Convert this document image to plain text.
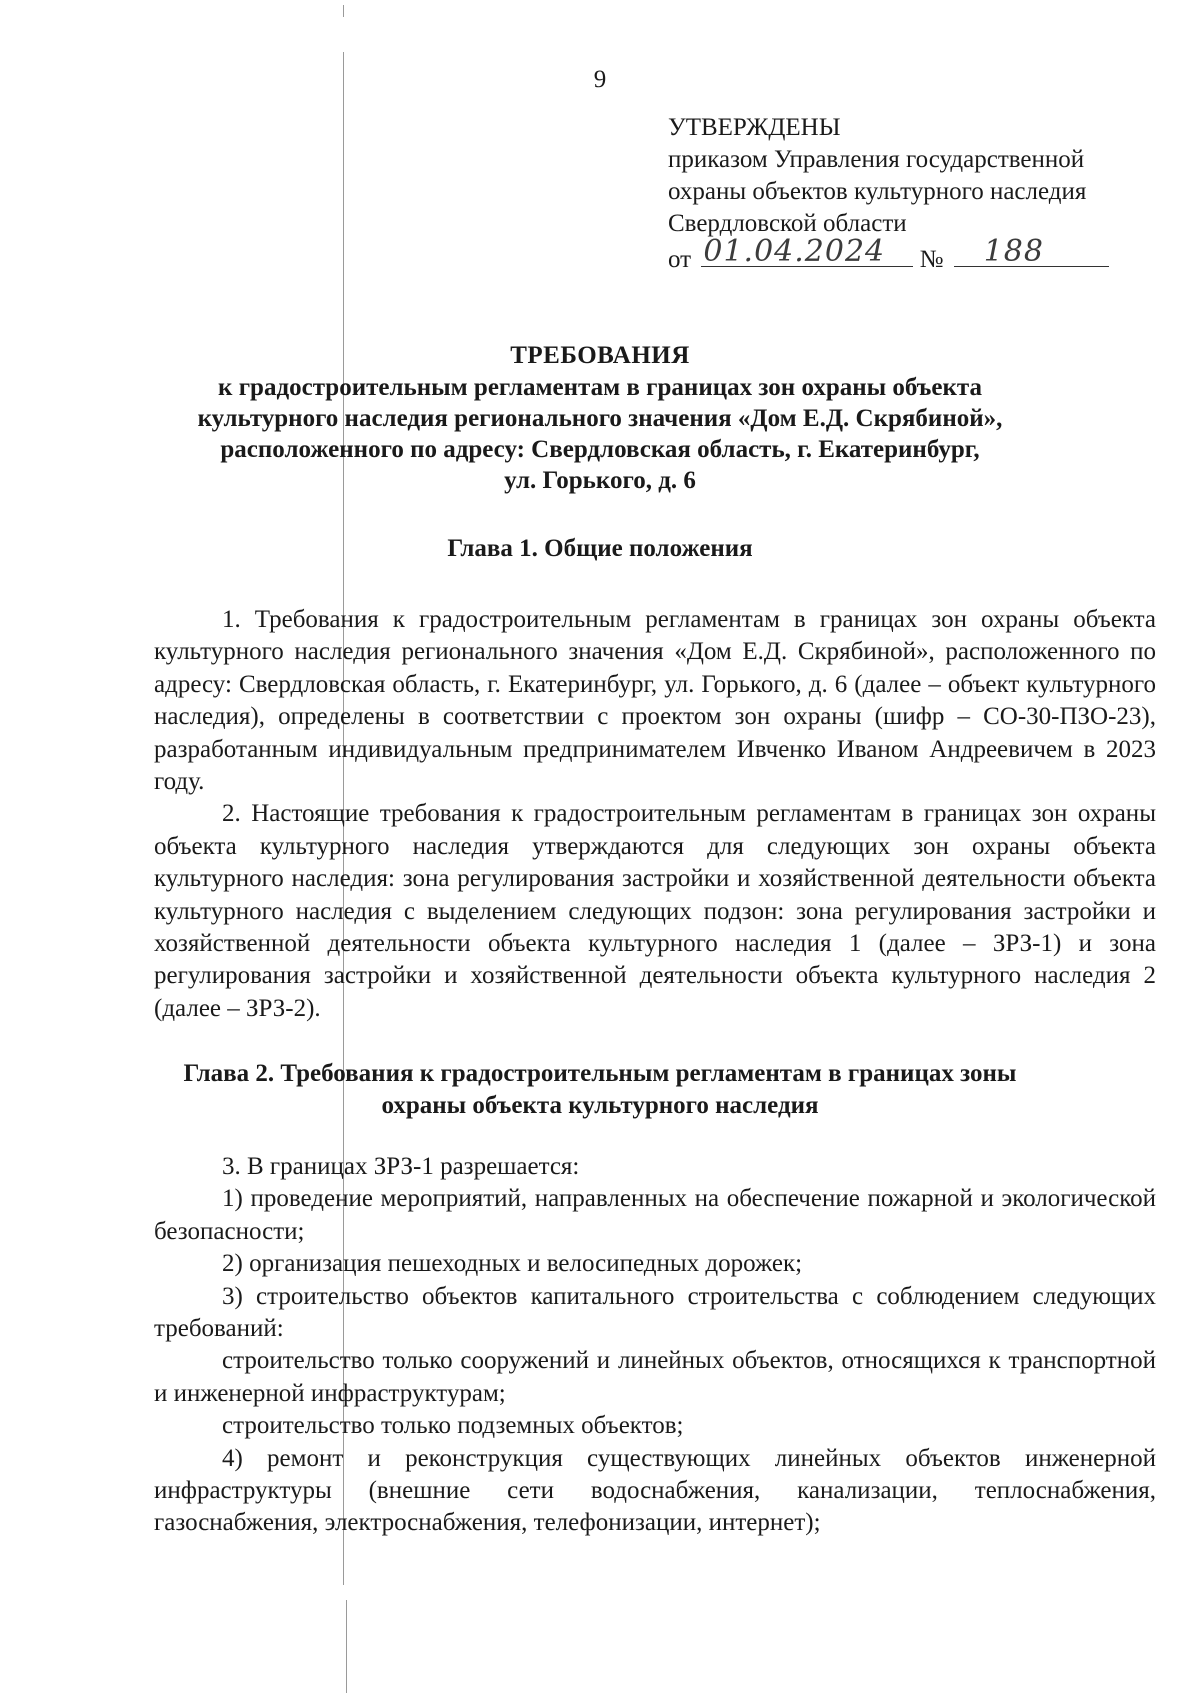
9
УТВЕРЖДЕНЫ
приказом Управления государственной
охраны объектов культурного наследия
Свердловской области
от 01.04.2024 № 188
ТРЕБОВАНИЯ
к градостроительным регламентам в границах зон охраны объекта
культурного наследия регионального значения «Дом Е.Д. Скрябиной»,
расположенного по адресу: Свердловская область, г. Екатеринбург,
ул. Горького, д. 6
Глава 1. Общие положения

1. Требования к градостроительным регламентам в границах зон охраны объекта культурного наследия регионального значения «Дом Е.Д. Скрябиной», расположенного по адресу: Свердловская область, г. Екатеринбург, ул. Горького, д. 6 (далее – объект культурного наследия), определены в соответствии с проектом зон охраны (шифр – СО-30-ПЗО-23), разработанным индивидуальным предпринимателем Ивченко Иваном Андреевичем в 2023 году.

2. Настоящие требования к градостроительным регламентам в границах зон охраны объекта культурного наследия утверждаются для следующих зон охраны объекта культурного наследия: зона регулирования застройки и хозяйственной деятельности объекта культурного наследия с выделением следующих подзон: зона регулирования застройки и хозяйственной деятельности объекта культурного наследия 1 (далее – ЗРЗ-1) и зона регулирования застройки и хозяйственной деятельности объекта культурного наследия 2 (далее – ЗРЗ-2).

Глава 2. Требования к градостроительным регламентам в границах зоны
охраны объекта культурного наследия

3. В границах ЗРЗ-1 разрешается:

1) проведение мероприятий, направленных на обеспечение пожарной и экологической безопасности;

2) организация пешеходных и велосипедных дорожек;

3) строительство объектов капитального строительства с соблюдением следующих требований:

строительство только сооружений и линейных объектов, относящихся к транспортной и инженерной инфраструктурам;

строительство только подземных объектов;

4) ремонт и реконструкция существующих линейных объектов инженерной инфраструктуры (внешние сети водоснабжения, канализации, теплоснабжения, газоснабжения, электроснабжения, телефонизации, интернет);
